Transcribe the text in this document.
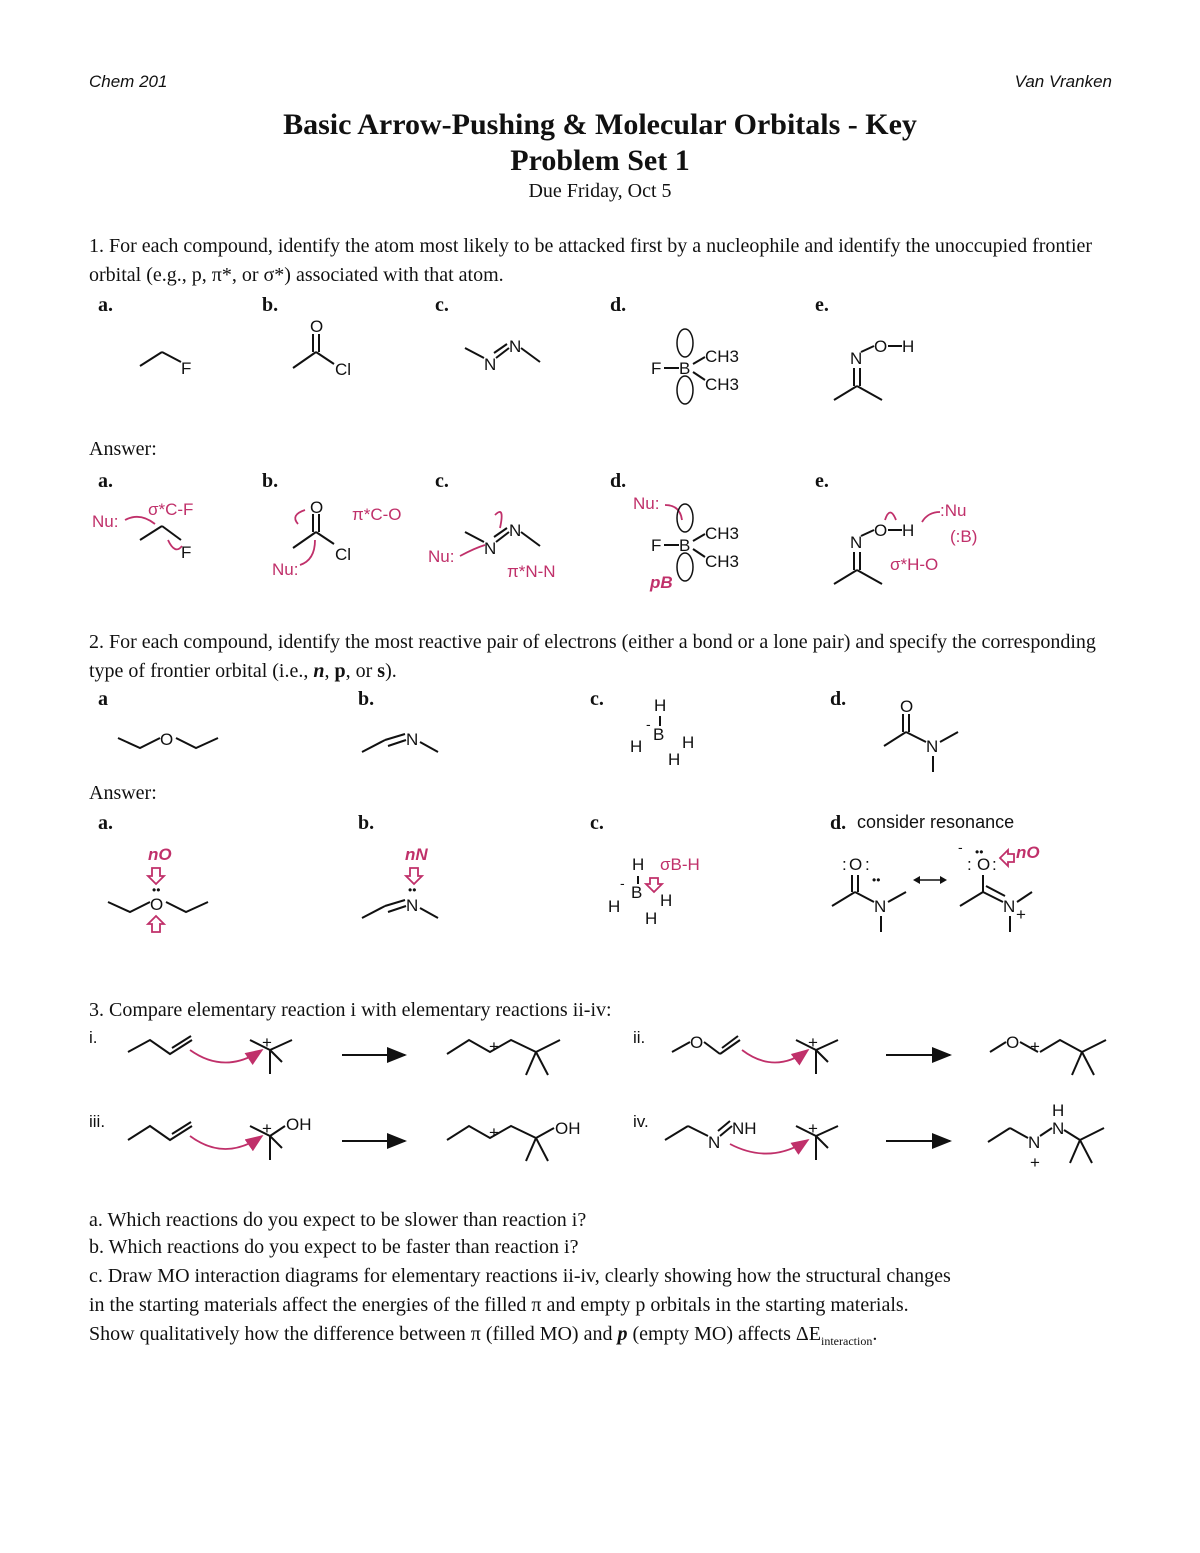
Chem 201	Van Vranken
Basic Arrow-Pushing & Molecular Orbitals - Key
Problem Set 1
Due Friday, Oct 5
1. For each compound, identify the atom most likely to be attacked first by a nucleophile and identify the unoccupied frontier orbital (e.g., p, π*, or σ*) associated with that atom.
a.	b.	c.	d.	e.
F
O
Cl	N
N
F B
CH3
CH3
N
O H
Answer:
a.	b.	c.	d.	e.
Nu:
F
σ*C-F	O
Cl
Nu:
π*C-O
N
N
Nu:
π*N-N
Nu:
F B
CH3
CH3
pB
N
O H
:Nu
(:B)
σ*H-O
2. For each compound, identify the most reactive pair of electrons (either a bond or a lone pair) and specify the corresponding type of frontier orbital (i.e., n, p, or s).
a	b.	c.	d.
O	N
H
-
B
H H
H
O
N
Answer:
a.	b.	c.	d. consider resonance
nO
••
O
nN
••
N
H σB-H
- B
H H
H
: O :
••
N
-
: O
••
:
nO
N +
3. Compare elementary reaction i with elementary reactions ii-iv:
i.	ii.
iii.	iv.
+	+	O	+	O +
+ OH	+	OH
N
NH	+
N
+
N
H
a. Which reactions do you expect to be slower than reaction i?
b. Which reactions do you expect to be faster than reaction i?
c. Draw MO interaction diagrams for elementary reactions ii-iv, clearly showing how the structural changes
in the starting materials affect the energies of the filled π and empty p orbitals in the starting materials.
Show qualitatively how the difference between π (filled MO) and p (empty MO) affects $\Delta E_{interaction}$.
